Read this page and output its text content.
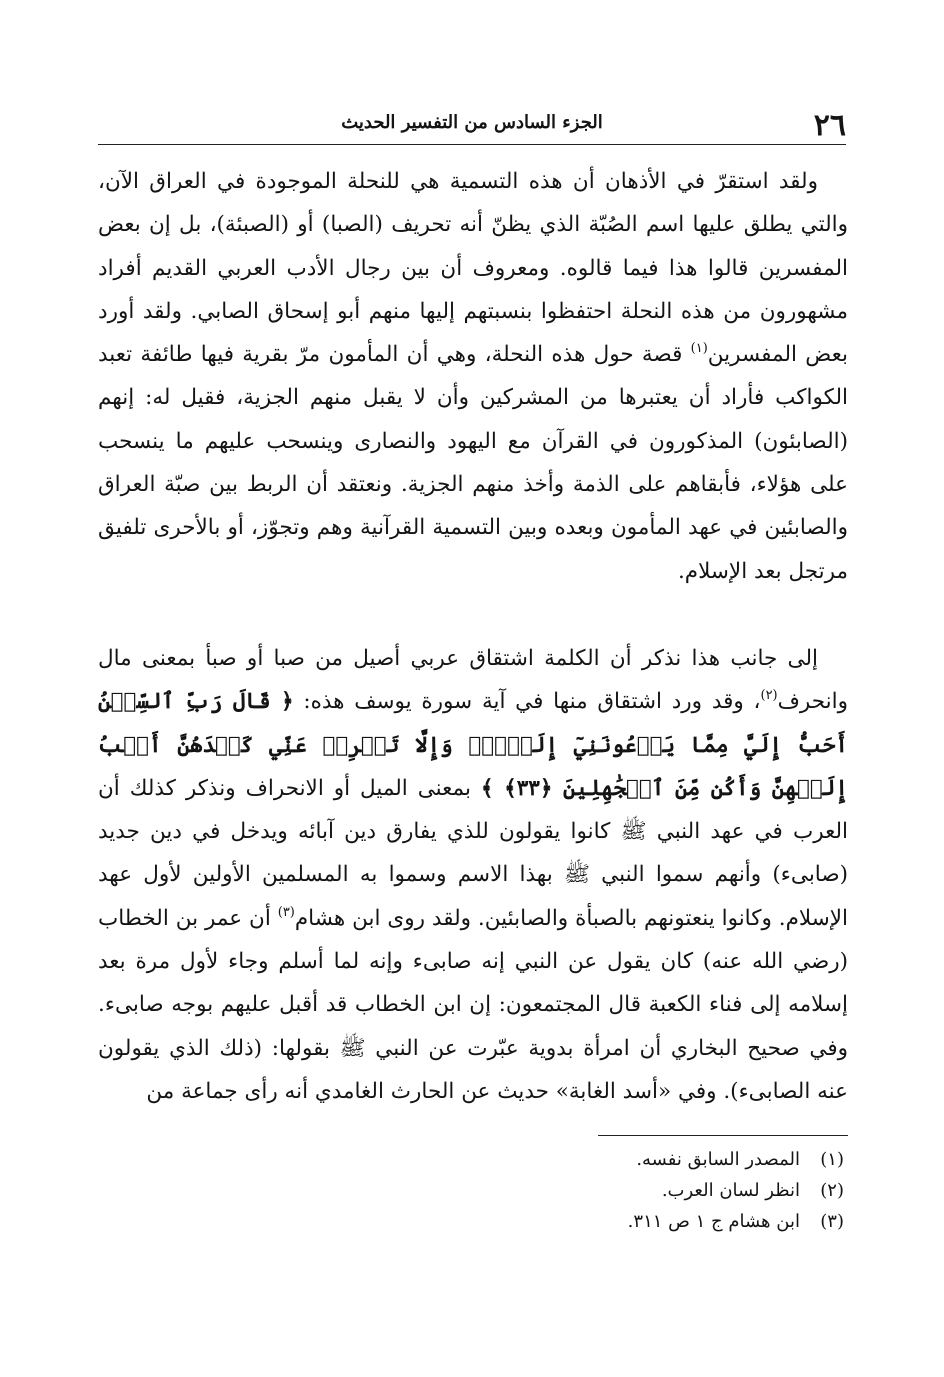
٢٦
الجزء السادس من التفسير الحديث

ولقد استقرّ في الأذهان أن هذه التسمية هي للنحلة الموجودة في العراق الآن، والتي يطلق عليها اسم الصُبّة الذي يظنّ أنه تحريف (الصبا) أو (الصبئة)، بل إن بعض المفسرين قالوا هذا فيما قالوه. ومعروف أن بين رجال الأدب العربي القديم أفراد مشهورون من هذه النحلة احتفظوا بنسبتهم إليها منهم أبو إسحاق الصابي. ولقد أورد بعض المفسرين$^{(١)}$ قصة حول هذه النحلة، وهي أن المأمون مرّ بقرية فيها طائفة تعبد الكواكب فأراد أن يعتبرها من المشركين وأن لا يقبل منهم الجزية، فقيل له: إنهم (الصابئون) المذكورون في القرآن مع اليهود والنصارى وينسحب عليهم ما ينسحب على هؤلاء، فأبقاهم على الذمة وأخذ منهم الجزية. ونعتقد أن الربط بين صبّة العراق والصابئين في عهد المأمون وبعده وبين التسمية القرآنية وهم وتجوّز، أو بالأحرى تلفيق مرتجل بعد الإسلام.

إلى جانب هذا نذكر أن الكلمة اشتقاق عربي أصيل من صبا أو صبأ بمعنى مال وانحرف$^{(٢)}$، وقد ورد اشتقاق منها في آية سورة يوسف هذه: ﴿ قَالَ رَبِّ ٱلسِّجۡنُ أَحَبُّ إِلَيَّ مِمَّا يَدۡعُونَنِيٓ إِلَيۡهِۖ وَإِلَّا تَصۡرِفۡ عَنِّي كَيۡدَهُنَّ أَصۡبُ إِلَيۡهِنَّ وَأَكُن مِّنَ ٱلۡجَٰهِلِينَ ﴿٣٣﴾ ﴾ بمعنى الميل أو الانحراف ونذكر كذلك أن العرب في عهد النبي ﷺ كانوا يقولون للذي يفارق دين آبائه ويدخل في دين جديد (صابىء) وأنهم سموا النبي ﷺ بهذا الاسم وسموا به المسلمين الأولين لأول عهد الإسلام. وكانوا ينعتونهم بالصبأة والصابئين. ولقد روى ابن هشام$^{(٣)}$ أن عمر بن الخطاب (رضي الله عنه) كان يقول عن النبي إنه صابىء وإنه لما أسلم وجاء لأول مرة بعد إسلامه إلى فناء الكعبة قال المجتمعون: إن ابن الخطاب قد أقبل عليهم بوجه صابىء. وفي صحيح البخاري أن امرأة بدوية عبّرت عن النبي ﷺ بقولها: (ذلك الذي يقولون عنه الصابىء). وفي «أسد الغابة» حديث عن الحارث الغامدي أنه رأى جماعة من

(١)المصدر السابق نفسه.

(٢)انظر لسان العرب.

(٣)ابن هشام ج ١ ص ٣١١.
